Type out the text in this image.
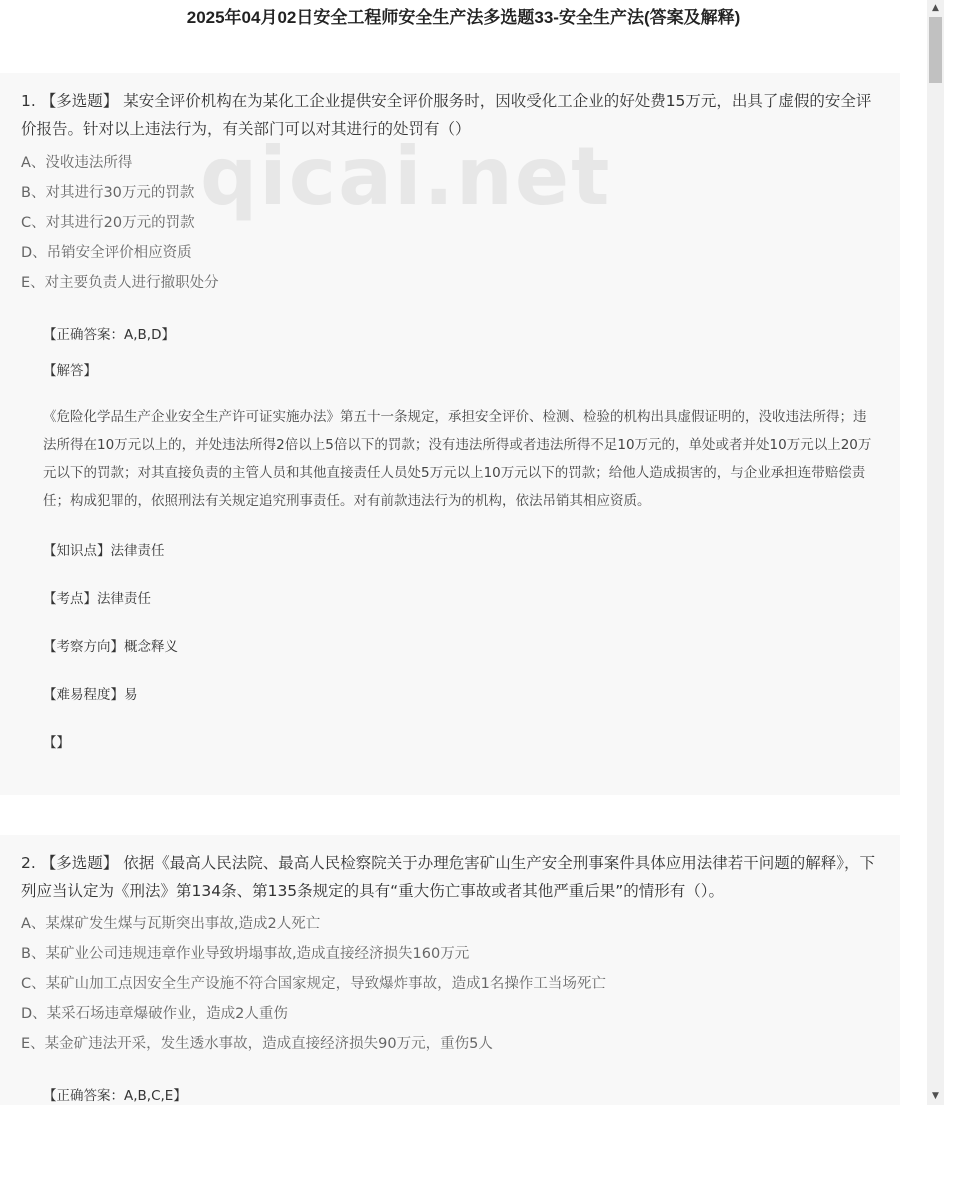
2025年04月02日安全工程师安全生产法多选题33-安全生产法(答案及解释)
1. 【多选题】 某安全评价机构在为某化工企业提供安全评价服务时，因收受化工企业的好处费15万元，出具了虚假的安全评价报告。针对以上违法行为，有关部门可以对其进行的处罚有（）
A、没收违法所得
B、对其进行30万元的罚款
C、对其进行20万元的罚款
D、吊销安全评价相应资质
E、对主要负责人进行撤职处分
【正确答案：A,B,D】
【解答】
《危险化学品生产企业安全生产许可证实施办法》第五十一条规定，承担安全评价、检测、检验的机构出具虚假证明的，没收违法所得；违法所得在10万元以上的，并处违法所得2倍以上5倍以下的罚款；没有违法所得或者违法所得不足10万元的，单处或者并处10万元以上20万元以下的罚款；对其直接负责的主管人员和其他直接责任人员处5万元以上10万元以下的罚款；给他人造成损害的，与企业承担连带赔偿责任；构成犯罪的，依照刑法有关规定追究刑事责任。对有前款违法行为的机构，依法吊销其相应资质。
【知识点】法律责任
【考点】法律责任
【考察方向】概念释义
【难易程度】易
【】
2. 【多选题】 依据《最高人民法院、最高人民检察院关于办理危害矿山生产安全刑事案件具体应用法律若干问题的解释》，下列应当认定为《刑法》第134条、第135条规定的具有“重大伤亡事故或者其他严重后果”的情形有（）。
A、某煤矿发生煤与瓦斯突出事故,造成2人死亡
B、某矿业公司违规违章作业导致坍塌事故,造成直接经济损失160万元
C、某矿山加工点因安全生产设施不符合国家规定，导致爆炸事故，造成1名操作工当场死亡
D、某采石场违章爆破作业，造成2人重伤
E、某金矿违法开采，发生透水事故，造成直接经济损失90万元，重伤5人
【正确答案：A,B,C,E】
qicai.net
▲
▼
